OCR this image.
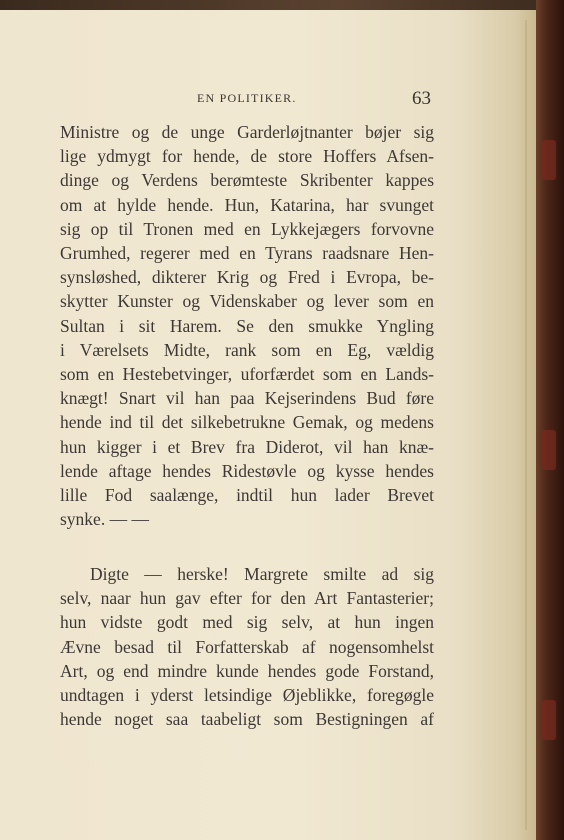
EN POLITIKER.	63
Ministre og de unge Garderløjtnanter bøjer sig
lige ydmygt for hende, de store Hoffers Afsen-
dinge og Verdens berømteste Skribenter kappes
om at hylde hende. Hun, Katarina, har svunget
sig op til Tronen med en Lykkejægers forvovne
Grumhed, regerer med en Tyrans raadsnare Hen-
synsløshed, dikterer Krig og Fred i Evropa, be-
skytter Kunster og Videnskaber og lever som en
Sultan i sit Harem. Se den smukke Yngling
i Værelsets Midte, rank som en Eg, vældig
som en Hestebetvinger, uforfærdet som en Lands-
knægt! Snart vil han paa Kejserindens Bud føre
hende ind til det silkebetrukne Gemak, og medens
hun kigger i et Brev fra Diderot, vil han knæ-
lende aftage hendes Ridestøvle og kysse hendes
lille Fod saalænge, indtil hun lader Brevet
synke. — —
Digte — herske! Margrete smilte ad sig
selv, naar hun gav efter for den Art Fantasterier;
hun vidste godt med sig selv, at hun ingen
Ævne besad til Forfatterskab af nogensomhelst
Art, og end mindre kunde hendes gode Forstand,
undtagen i yderst letsindige Øjeblikke, foregøgle
hende noget saa taabeligt som Bestigningen af
